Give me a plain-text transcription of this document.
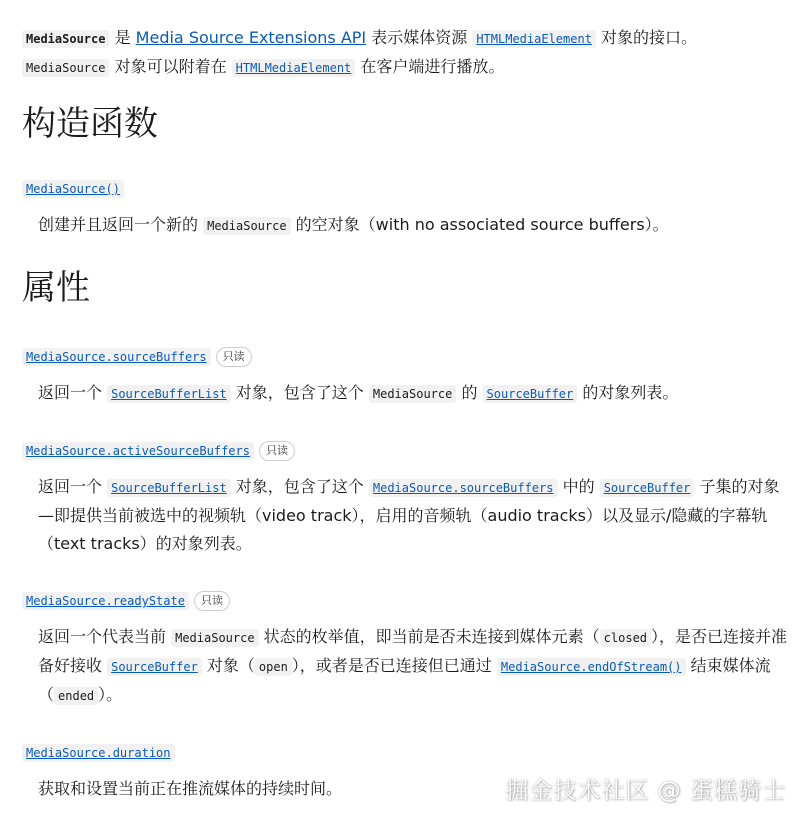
MediaSource 是 Media Source Extensions API 表示媒体资源 HTMLMediaElement 对象的接口。 MediaSource 对象可以附着在 HTMLMediaElement 在客户端进行播放。

构造函数

MediaSource()

创建并且返回一个新的 MediaSource 的空对象（with no associated source buffers）。

属性

MediaSource.sourceBuffers 只读

返回一个 SourceBufferList 对象，包含了这个 MediaSource 的 SourceBuffer 的对象列表。

MediaSource.activeSourceBuffers 只读

返回一个 SourceBufferList 对象，包含了这个 MediaSource.sourceBuffers 中的 SourceBuffer 子集的对象—即提供当前被选中的视频轨（video track），启用的音频轨（audio tracks）以及显示/隐藏的字幕轨（text tracks）的对象列表。

MediaSource.readyState 只读

返回一个代表当前 MediaSource 状态的枚举值，即当前是否未连接到媒体元素（ closed ），是否已连接并准备好接收 SourceBuffer 对象（ open ），或者是否已连接但已通过 MediaSource.endOfStream() 结束媒体流（ ended ）。

MediaSource.duration

获取和设置当前正在推流媒体的持续时间。	掘金技术社区 @ 蛋糕骑士
